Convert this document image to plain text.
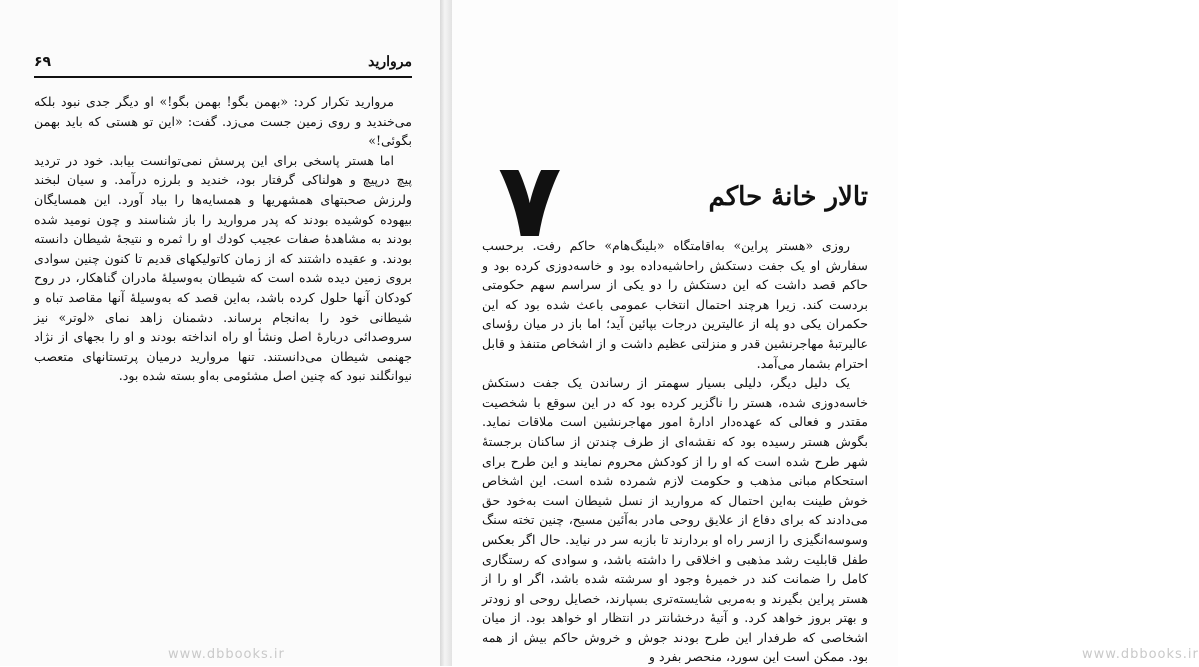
مرواريد
۶۹

مرواريد تكرار كرد: «بهمن بگو! بهمن بگو!» او ديگر جدى نبود بلكه مى‌خنديد و روى زمين جست مى‌زد. گفت: «اين تو هستى كه بايد بهمن بگوئى!»

اما هستر پاسخى براى اين پرسش نمى‌توانست بيابد. خود در ترديد پيچ درپيچ و هولناكى گرفتار بود، خنديد و بلرزه درآمد. و سيان لبخند ولرزش صحبتهاى همشهريها و همسايه‌ها را بياد آورد. اين همسايگان بيهوده كوشيده بودند كه پدر مرواريد را باز شناسند و چون نوميد شده بودند به مشاهدهٔ صفات عجيب كودك او را ثمره و نتيجهٔ شيطان دانسته بودند. و عقيده داشتند كه از زمان كاتوليكهاى قديم تا كنون چنين سوادى بروى زمين ديده شده است كه شيطان به‌وسيلهٔ مادران گناهكار، در روح كودكان آنها حلول كرده باشد، به‌اين قصد كه به‌وسيلهٔ آنها مقاصد تباه و شيطانى خود را به‌انجام برساند. دشمنان زاهد نماى «لوتر» نيز سروصدائى دربارهٔ اصل ونشأ او راه انداخته بودند و او را بجهاى از نژاد جهنمى شيطان مى‌دانستند. تنها مرواريد درميان پرتستانهاى متعصب نيوانگلند نبود كه چنين اصل مشئومى به‌او بسته شده بود.

www.dbbooks.ir
۷	تالار خانهٔ حاكم

روزى «هستر پراين» به‌اقامتگاه «بلينگ‌هام» حاكم رفت. برحسب سفارش او يک جفت دستكش راحاشيه‌داده بود و خاسه‌دوزى كرده بود و حاكم قصد داشت كه اين دستكش را دو يكى از سراسم سهم حكومتى بردست كند. زيرا هرچند احتمال انتخاب عمومى باعث شده بود كه اين حكمران يكى دو پله از عاليترين درجات بپائين آيد؛ اما باز در ميان رؤساى عاليرتبهٔ مهاجرنشين قدر و منزلتى عظيم داشت و از اشخاص متنفذ و قابل احترام بشمار مى‌آمد.

يک دليل ديگر، دليلى بسيار سهمتر از رساندن يک جفت دستكش خاسه‌دوزى شده، هستر را ناگزير كرده بود كه در اين سوقع با شخصيت مقتدر و فعالى كه عهده‌دار ادارهٔ امور مهاجرنشين است ملاقات نمايد. بگوش هستر رسيده بود كه نقشه‌اى از طرف چندتن از ساكنان برجستهٔ شهر طرح شده است كه او را از كودكش محروم نمايند و اين طرح براى استحكام مبانى مذهب و حكومت لازم شمرده شده است. اين اشخاص خوش طينت به‌اين احتمال كه مرواريد از نسل شيطان است به‌خود حق مى‌دادند كه براى دفاع از علايق روحى مادر به‌آئين مسيح، چنين تخته سنگ وسوسه‌انگيزى را ازسر راه او بردارند تا بازبه سر در نيايد. حال اگر بعكس طفل قابليت رشد مذهبى و اخلاقى را داشته باشد، و سوادى كه رستگارى كامل را ضمانت كند در خميرهٔ وجود او سرشته شده باشد، اگر او را از هستر پراين بگيرند و به‌مربى شايسته‌ترى بسپارند، خصايل روحى او زودتر و بهتر بروز خواهد كرد. و آتيهٔ درخشانتر در انتظار او خواهد بود. از ميان اشخاصى كه طرفدار اين طرح بودند جوش و خروش حاكم بيش از همه بود. ممكن است اين سورد، منحصر بفرد و	www.dbbooks.ir
